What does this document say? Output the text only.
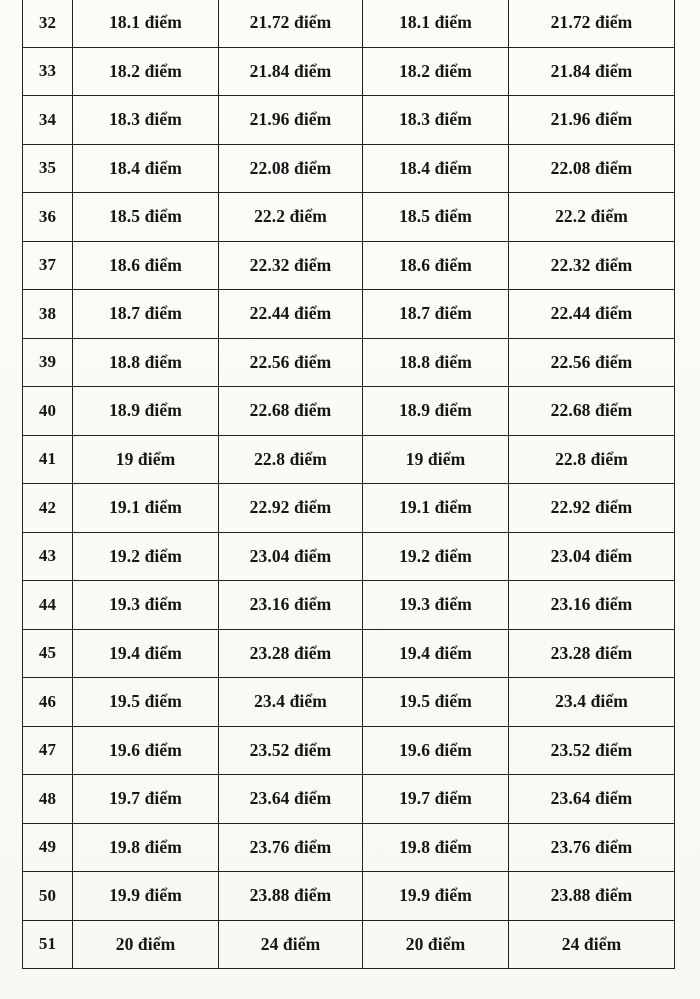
32	18.1 điểm	21.72 điểm	18.1 điểm	21.72 điểm
33	18.2 điểm	21.84 điểm	18.2 điểm	21.84 điểm
34	18.3 điểm	21.96 điểm	18.3 điểm	21.96 điểm
35	18.4 điểm	22.08 điểm	18.4 điểm	22.08 điểm
36	18.5 điểm	22.2 điểm	18.5 điểm	22.2 điểm
37	18.6 điểm	22.32 điểm	18.6 điểm	22.32 điểm
38	18.7 điểm	22.44 điểm	18.7 điểm	22.44 điểm
39	18.8 điểm	22.56 điểm	18.8 điểm	22.56 điểm
40	18.9 điểm	22.68 điểm	18.9 điểm	22.68 điểm
41	19 điểm	22.8 điểm	19 điểm	22.8 điểm
42	19.1 điểm	22.92 điểm	19.1 điểm	22.92 điểm
43	19.2 điểm	23.04 điểm	19.2 điểm	23.04 điểm
44	19.3 điểm	23.16 điểm	19.3 điểm	23.16 điểm
45	19.4 điểm	23.28 điểm	19.4 điểm	23.28 điểm
46	19.5 điểm	23.4 điểm	19.5 điểm	23.4 điểm
47	19.6 điểm	23.52 điểm	19.6 điểm	23.52 điểm
48	19.7 điểm	23.64 điểm	19.7 điểm	23.64 điểm
49	19.8 điểm	23.76 điểm	19.8 điểm	23.76 điểm
50	19.9 điểm	23.88 điểm	19.9 điểm	23.88 điểm
51	20 điểm	24 điểm	20 điểm	24 điểm
